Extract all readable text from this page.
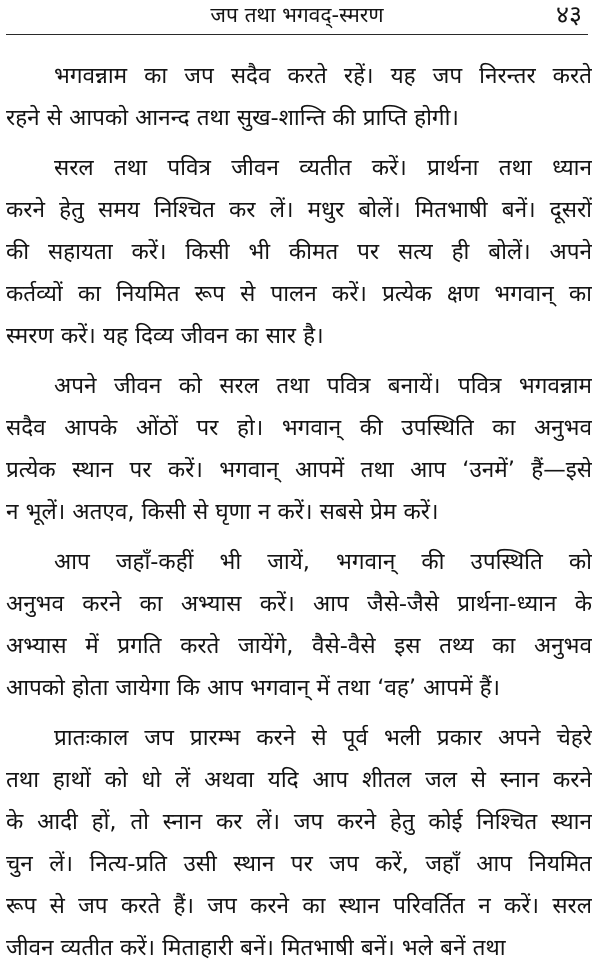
जप तथा भगवद्-स्मरण	४३
भगवन्नाम का जप सदैव करते रहें। यह जप निरन्तर करते
रहने से आपको आनन्द तथा सुख-शान्ति की प्राप्ति होगी।
सरल तथा पवित्र जीवन व्यतीत करें। प्रार्थना तथा ध्यान
करने हेतु समय निश्चित कर लें। मधुर बोलें। मितभाषी बनें। दूसरों
की सहायता करें। किसी भी कीमत पर सत्य ही बोलें। अपने
कर्तव्यों का नियमित रूप से पालन करें। प्रत्येक क्षण भगवान् का
स्मरण करें। यह दिव्य जीवन का सार है।
अपने जीवन को सरल तथा पवित्र बनायें। पवित्र भगवन्नाम
सदैव आपके ओंठों पर हो। भगवान् की उपस्थिति का अनुभव
प्रत्येक स्थान पर करें। भगवान् आपमें तथा आप ‘उनमें’ हैं—इसे
न भूलें। अतएव, किसी से घृणा न करें। सबसे प्रेम करें।
आप जहाँ-कहीं भी जायें, भगवान् की उपस्थिति को
अनुभव करने का अभ्यास करें। आप जैसे-जैसे प्रार्थना-ध्यान के
अभ्यास में प्रगति करते जायेंगे, वैसे-वैसे इस तथ्य का अनुभव
आपको होता जायेगा कि आप भगवान् में तथा ‘वह’ आपमें हैं।
प्रातःकाल जप प्रारम्भ करने से पूर्व भली प्रकार अपने चेहरे
तथा हाथों को धो लें अथवा यदि आप शीतल जल से स्नान करने
के आदी हों, तो स्नान कर लें। जप करने हेतु कोई निश्चित स्थान
चुन लें। नित्य-प्रति उसी स्थान पर जप करें, जहाँ आप नियमित
रूप से जप करते हैं। जप करने का स्थान परिवर्तित न करें। सरल
जीवन व्यतीत करें। मिताहारी बनें। मितभाषी बनें। भले बनें तथा
